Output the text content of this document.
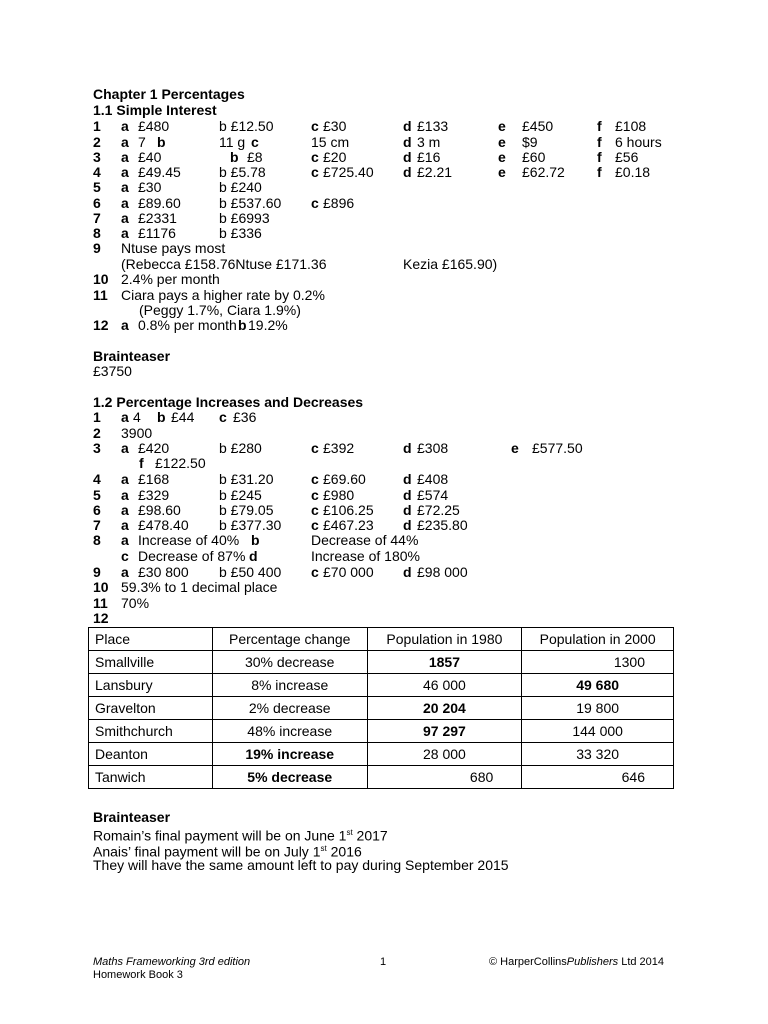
Chapter 1 Percentages
1.1 Simple Interest
1 a £480	b £12.50	c £30	d £133	e £450	f £108
2 a 7 b	11 g c	15 cm	d 3 m	e $9	f 6 hours
3 a £40	b £8	c £20	d £16	e £60	f £56
4 a £49.45	b £5.78	c £725.40 d £2.21	e £62.72 f £0.18
5 a £30	b £240
6 a £89.60	b £537.60 c £896
7 a £2331	b £6993
8 a £1176	b £336
9 Ntuse pays most
(Rebecca £158.76Ntuse £171.36	Kezia £165.90)
10 2.4% per month
11 Ciara pays a higher rate by 0.2%
(Peggy 1.7%, Ciara 1.9%)
12 a 0.8% per month b 19.2%
Brainteaser
£3750
1.2 Percentage Increases and Decreases
1 a 4 b £44 c £36
2 3900
3 a £420	b £280	c £392	d £308	e £577.50
f £122.50
4 a £168	b £31.20	c £69.60	d £408
5 a £329	b £245	c £980	d £574
6 a £98.60	b £79.05	c £106.25 d £72.25
7 a £478.40 b £377.30 c £467.23 d £235.80
8 a Increase of 40% b	Decrease of 44%
c Decrease of 87% d	Increase of 180%
9 a £30 800 b £50 400 c £70 000 d £98 000
10 59.3% to 1 decimal place
11 70%
12
Place	Percentage change	Population in 1980	Population in 2000
Smallville	30% decrease	1857	1300
Lansbury	8% increase	46 000	49 680
Gravelton	2% decrease	20 204	19 800
Smithchurch	48% increase	97 297	144 000
Deanton	19% increase	28 000	33 320
Tanwich	5% decrease	680	646
Brainteaser
Romain’s final payment will be on June 1st 2017
Anais’ final payment will be on July 1st 2016
They will have the same amount left to pay during September 2015
Maths Frameworking 3rd edition
Homework Book 3
1	© HarperCollinsPublishers Ltd 2014
